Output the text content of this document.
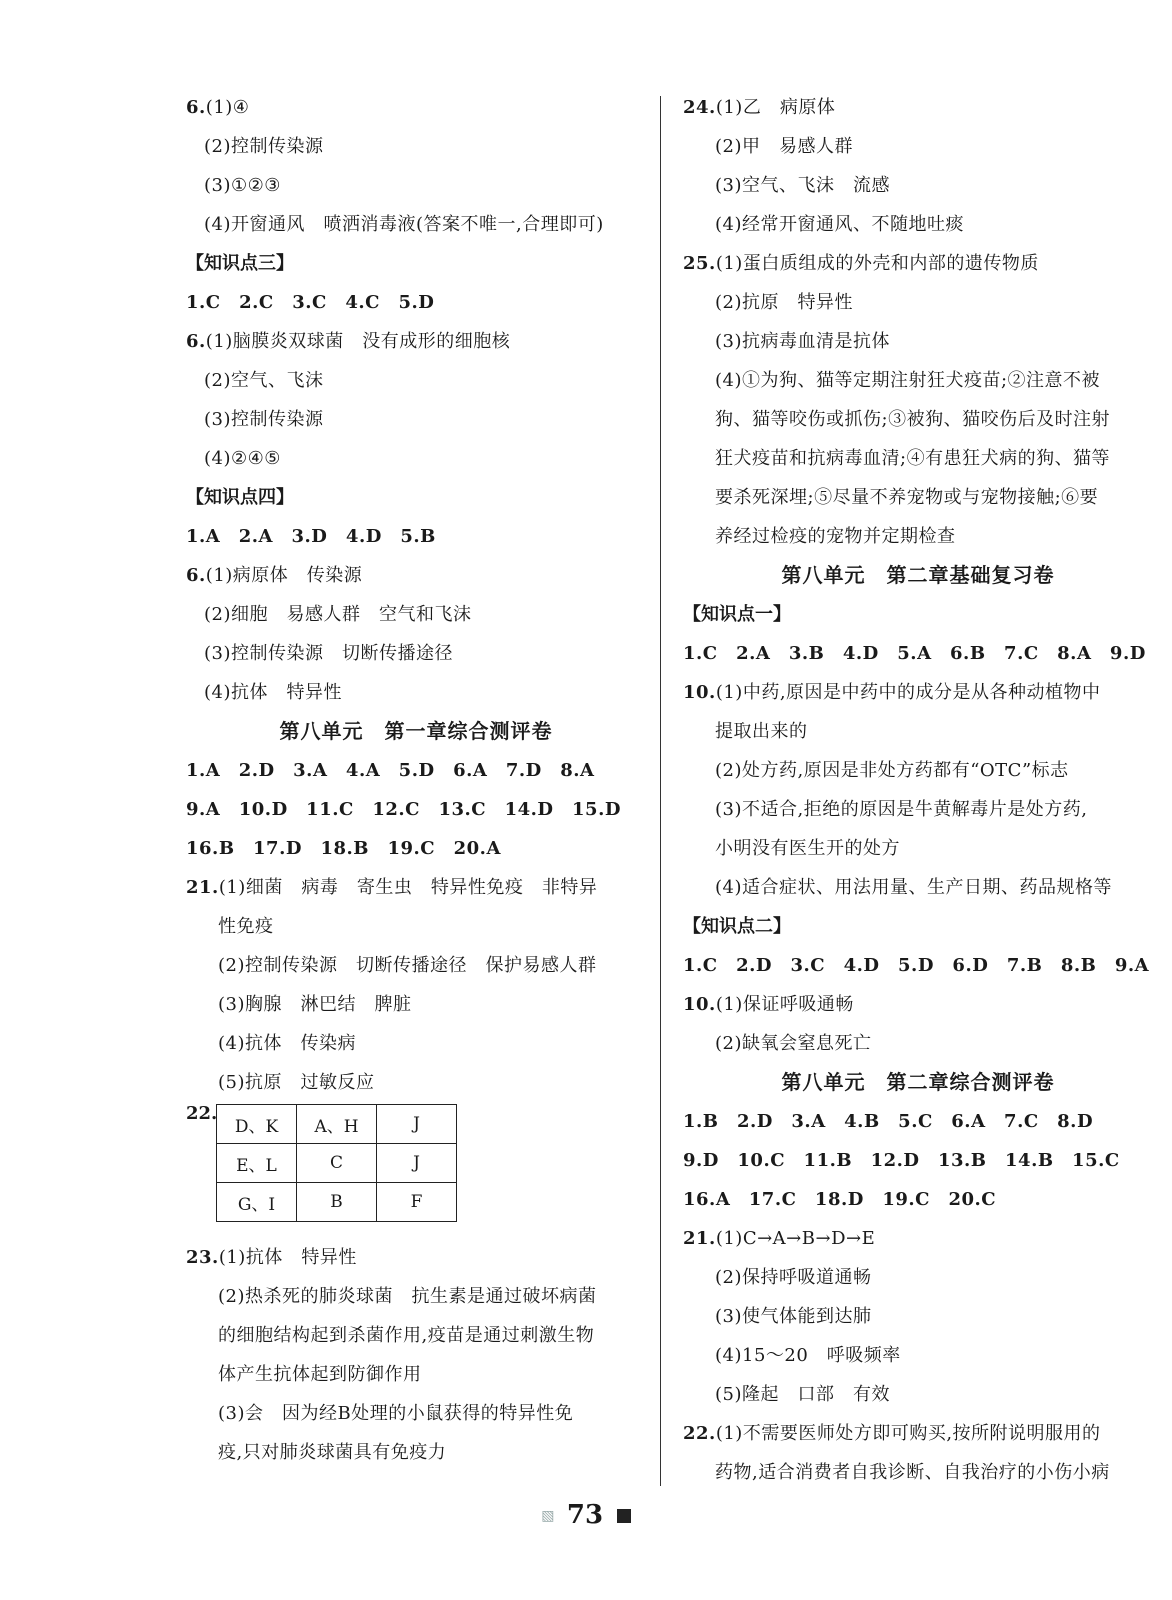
6.(1)④
(2)控制传染源
(3)①②③
(4)开窗通风　喷洒消毒液(答案不唯一,合理即可)
【知识点三】
1.C　2.C　3.C　4.C　5.D
6.(1)脑膜炎双球菌　没有成形的细胞核
(2)空气、飞沫
(3)控制传染源
(4)②④⑤
【知识点四】
1.A　2.A　3.D　4.D　5.B
6.(1)病原体　传染源
(2)细胞　易感人群　空气和飞沫
(3)控制传染源　切断传播途径
(4)抗体　特异性
第八单元　第一章综合测评卷
1.A　2.D　3.A　4.A　5.D　6.A　7.D　8.A
9.A　10.D　11.C　12.C　13.C　14.D　15.D
16.B　17.D　18.B　19.C　20.A
21.(1)细菌　病毒　寄生虫　特异性免疫　非特异
性免疫
(2)控制传染源　切断传播途径　保护易感人群
(3)胸腺　淋巴结　脾脏
(4)抗体　传染病
(5)抗原　过敏反应
22.
D、K	A、H	J
E、L	C	J
G、I	B	F
23.(1)抗体　特异性
(2)热杀死的肺炎球菌　抗生素是通过破坏病菌
的细胞结构起到杀菌作用,疫苗是通过刺激生物
体产生抗体起到防御作用
(3)会　因为经B处理的小鼠获得的特异性免
疫,只对肺炎球菌具有免疫力
24.(1)乙　病原体
(2)甲　易感人群
(3)空气、飞沫　流感
(4)经常开窗通风、不随地吐痰
25.(1)蛋白质组成的外壳和内部的遗传物质
(2)抗原　特异性
(3)抗病毒血清是抗体
(4)①为狗、猫等定期注射狂犬疫苗;②注意不被
狗、猫等咬伤或抓伤;③被狗、猫咬伤后及时注射
狂犬疫苗和抗病毒血清;④有患狂犬病的狗、猫等
要杀死深埋;⑤尽量不养宠物或与宠物接触;⑥要
养经过检疫的宠物并定期检查
第八单元　第二章基础复习卷
【知识点一】
1.C　2.A　3.B　4.D　5.A　6.B　7.C　8.A　9.D
10.(1)中药,原因是中药中的成分是从各种动植物中
提取出来的
(2)处方药,原因是非处方药都有“OTC”标志
(3)不适合,拒绝的原因是牛黄解毒片是处方药,
小明没有医生开的处方
(4)适合症状、用法用量、生产日期、药品规格等
【知识点二】
1.C　2.D　3.C　4.D　5.D　6.D　7.B　8.B　9.A
10.(1)保证呼吸通畅
(2)缺氧会窒息死亡
第八单元　第二章综合测评卷
1.B　2.D　3.A　4.B　5.C　6.A　7.C　8.D
9.D　10.C　11.B　12.D　13.B　14.B　15.C
16.A　17.C　18.D　19.C　20.C
21.(1)C→A→B→D→E
(2)保持呼吸道通畅
(3)使气体能到达肺
(4)15～20　呼吸频率
(5)隆起　口部　有效
22.(1)不需要医师处方即可购买,按所附说明服用的
药物,适合消费者自我诊断、自我治疗的小伤小病
▧ 73
